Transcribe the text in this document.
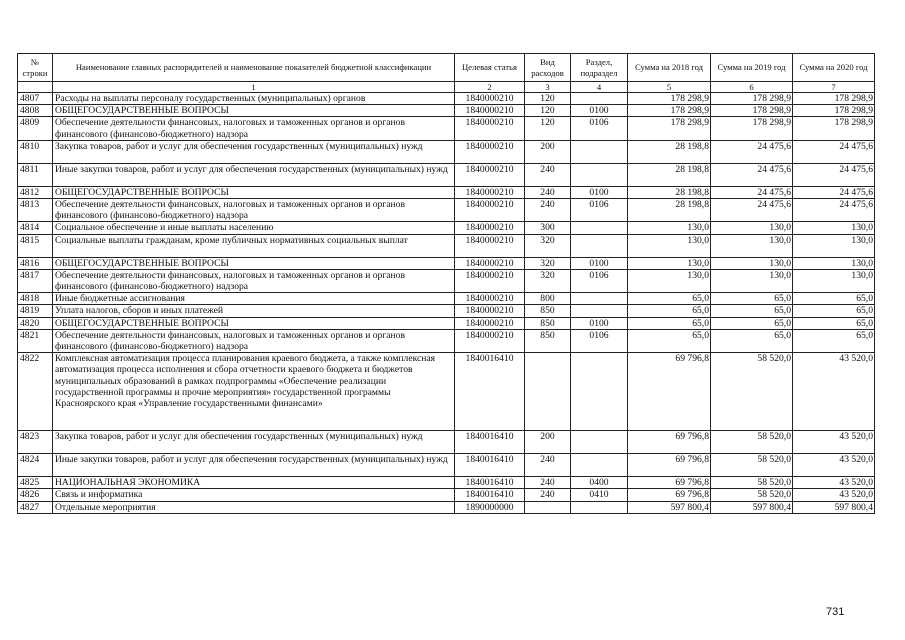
№ строки	Наименование главных распорядителей и наименование показателей бюджетной классификации	Целевая статья	Вид расходов	Раздел, подраздел	Сумма на 2018 год	Сумма на 2019 год	Сумма на 2020 год
	1	2	3	4	5	6	7
4807	Расходы на выплаты персоналу государственных (муниципальных) органов	1840000210	120		178 298,9	178 298,9	178 298,9
4808	ОБЩЕГОСУДАРСТВЕННЫЕ ВОПРОСЫ	1840000210	120	0100	178 298,9	178 298,9	178 298,9
4809	Обеспечение деятельности финансовых, налоговых и таможенных органов и органов финансового (финансово-бюджетного) надзора	1840000210	120	0106	178 298,9	178 298,9	178 298,9
4810	Закупка товаров, работ и услуг для обеспечения государственных (муниципальных) нужд	1840000210	200		28 198,8	24 475,6	24 475,6
4811	Иные закупки товаров, работ и услуг для обеспечения государственных (муниципальных) нужд	1840000210	240		28 198,8	24 475,6	24 475,6
4812	ОБЩЕГОСУДАРСТВЕННЫЕ ВОПРОСЫ	1840000210	240	0100	28 198,8	24 475,6	24 475,6
4813	Обеспечение деятельности финансовых, налоговых и таможенных органов и органов финансового (финансово-бюджетного) надзора	1840000210	240	0106	28 198,8	24 475,6	24 475,6
4814	Социальное обеспечение и иные выплаты населению	1840000210	300		130,0	130,0	130,0
4815	Социальные выплаты гражданам, кроме публичных нормативных социальных выплат	1840000210	320		130,0	130,0	130,0
4816	ОБЩЕГОСУДАРСТВЕННЫЕ ВОПРОСЫ	1840000210	320	0100	130,0	130,0	130,0
4817	Обеспечение деятельности финансовых, налоговых и таможенных органов и органов финансового (финансово-бюджетного) надзора	1840000210	320	0106	130,0	130,0	130,0
4818	Иные бюджетные ассигнования	1840000210	800		65,0	65,0	65,0
4819	Уплата налогов, сборов и иных платежей	1840000210	850		65,0	65,0	65,0
4820	ОБЩЕГОСУДАРСТВЕННЫЕ ВОПРОСЫ	1840000210	850	0100	65,0	65,0	65,0
4821	Обеспечение деятельности финансовых, налоговых и таможенных органов и органов финансового (финансово-бюджетного) надзора	1840000210	850	0106	65,0	65,0	65,0
4822	Комплексная автоматизация процесса планирования краевого бюджета, а также комплексная автоматизация процесса исполнения и сбора отчетности краевого бюджета и бюджетов муниципальных образований в рамках подпрограммы «Обеспечение реализации государственной программы и прочие мероприятия» государственной программы Красноярского края «Управление государственными финансами»	1840016410			69 796,8	58 520,0	43 520,0
4823	Закупка товаров, работ и услуг для обеспечения государственных (муниципальных) нужд	1840016410	200		69 796,8	58 520,0	43 520,0
4824	Иные закупки товаров, работ и услуг для обеспечения государственных (муниципальных) нужд	1840016410	240		69 796,8	58 520,0	43 520,0
4825	НАЦИОНАЛЬНАЯ ЭКОНОМИКА	1840016410	240	0400	69 796,8	58 520,0	43 520,0
4826	Связь и информатика	1840016410	240	0410	69 796,8	58 520,0	43 520,0
4827	Отдельные мероприятия	1890000000			597 800,4	597 800,4	597 800,4
731
